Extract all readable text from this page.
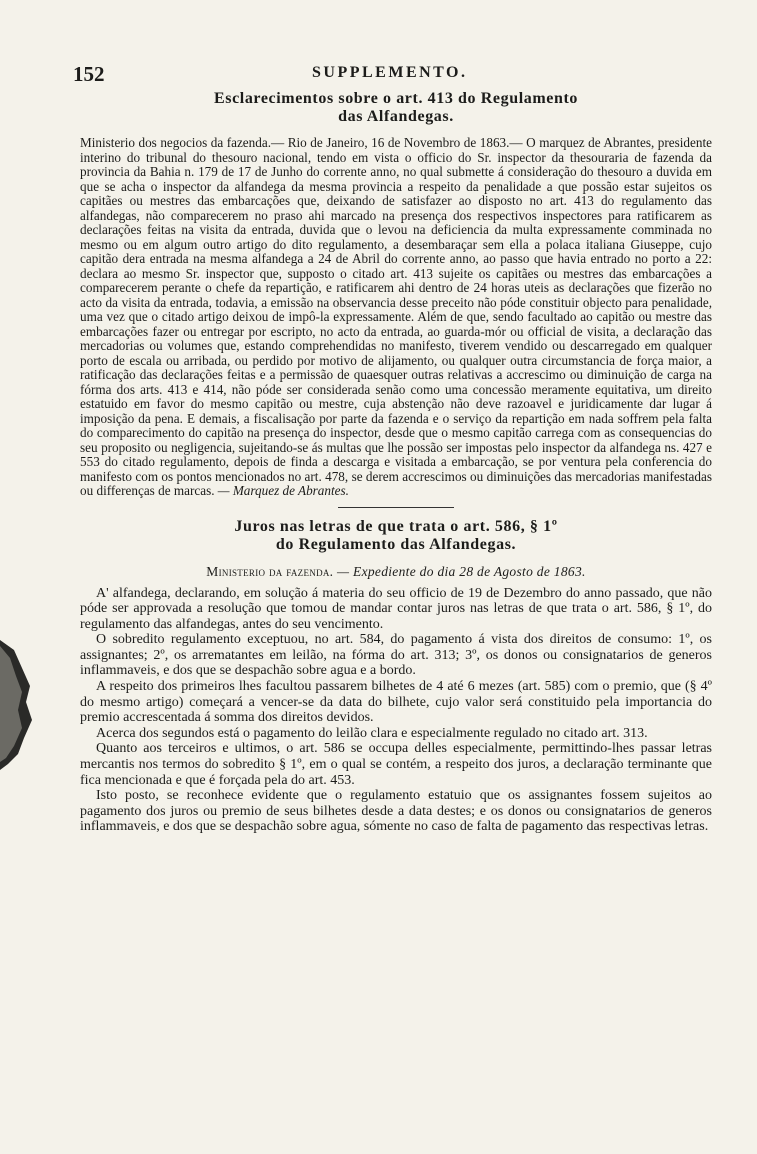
152	SUPPLEMENTO.
Esclarecimentos sobre o art. 413 do Regulamento
das Alfandegas.

Ministerio dos negocios da fazenda.— Rio de Janeiro, 16 de Novembro de 1863.— O marquez de Abrantes, presidente interino do tribunal do thesouro nacional, tendo em vista o officio do Sr. inspector da thesouraria de fazenda da provincia da Bahia n. 179 de 17 de Junho do corrente anno, no qual submette á consideração do thesouro a duvida em que se acha o inspector da alfandega da mesma provincia a respeito da penalidade a que possão estar sujeitos os capitães ou mestres das embarcações que, deixando de satisfazer ao disposto no art. 413 do regulamento das alfandegas, não comparecerem no praso ahi marcado na presença dos respectivos inspectores para ratificarem as declarações feitas na visita da entrada, duvida que o levou na deficiencia da multa expressamente comminada no mesmo ou em algum outro artigo do dito regulamento, a desembaraçar sem ella a polaca italiana Giuseppe, cujo capitão dera entrada na mesma alfandega a 24 de Abril do corrente anno, ao passo que havia entrado no porto a 22: declara ao mesmo Sr. inspector que, supposto o citado art. 413 sujeite os capitães ou mestres das embarcações a comparecerem perante o chefe da repartição, e ratificarem ahi dentro de 24 horas uteis as declarações que fizerão no acto da visita da entrada, todavia, a emissão na observancia desse preceito não póde constituir objecto para penalidade, uma vez que o citado artigo deixou de impô-la expressamente. Além de que, sendo facultado ao capitão ou mestre das embarcações fazer ou entregar por escripto, no acto da entrada, ao guarda-mór ou official de visita, a declaração das mercadorias ou volumes que, estando comprehendidas no manifesto, tiverem vendido ou descarregado em qualquer porto de escala ou arribada, ou perdido por motivo de alijamento, ou qualquer outra circumstancia de força maior, a ratificação das declarações feitas e a permissão de quaesquer outras relativas a accrescimo ou diminuição de carga na fórma dos arts. 413 e 414, não póde ser considerada senão como uma concessão meramente equitativa, um direito estatuido em favor do mesmo capitão ou mestre, cuja abstenção não deve razoavel e juridicamente dar lugar á imposição da pena. E demais, a fiscalisação por parte da fazenda e o serviço da repartição em nada soffrem pela falta do comparecimento do capitão na presença do inspector, desde que o mesmo capitão carrega com as consequencias do seu proposito ou negligencia, sujeitando-se ás multas que lhe possão ser impostas pelo inspector da alfandega ns. 427 e 553 do citado regulamento, depois de finda a descarga e visitada a embarcação, se por ventura pela conferencia do manifesto com os pontos mencionados no art. 478, se derem accrescimos ou diminuições das mercadorias manifestadas ou differenças de marcas. — Marquez de Abrantes.

Juros nas letras de que trata o art. 586, § 1º
do Regulamento das Alfandegas.
Ministerio da fazenda. — Expediente do dia 28 de Agosto de 1863.

A' alfandega, declarando, em solução á materia do seu officio de 19 de Dezembro do anno passado, que não póde ser approvada a resolução que tomou de mandar contar juros nas letras de que trata o art. 586, § 1º, do regulamento das alfandegas, antes do seu vencimento.

O sobredito regulamento exceptuou, no art. 584, do pagamento á vista dos direitos de consumo: 1º, os assignantes; 2º, os arrematantes em leilão, na fórma do art. 313; 3º, os donos ou consignatarios de generos inflammaveis, e dos que se despachão sobre agua e a bordo.

A respeito dos primeiros lhes facultou passarem bilhetes de 4 até 6 mezes (art. 585) com o premio, que (§ 4º do mesmo artigo) começará a vencer-se da data do bilhete, cujo valor será constituido pela importancia do premio accrescentada á somma dos direitos devidos.

Acerca dos segundos está o pagamento do leilão clara e especialmente regulado no citado art. 313.

Quanto aos terceiros e ultimos, o art. 586 se occupa delles especialmente, permittindo-lhes passar letras mercantis nos termos do sobredito § 1º, em o qual se contém, a respeito dos juros, a declaração terminante que fica mencionada e que é forçada pela do art. 453.

Isto posto, se reconhece evidente que o regulamento estatuio que os assignantes fossem sujeitos ao pagamento dos juros ou premio de seus bilhetes desde a data destes; e os donos ou consignatarios de generos inflammaveis, e dos que se despachão sobre agua, sómente no caso de falta de pagamento das respectivas letras.
